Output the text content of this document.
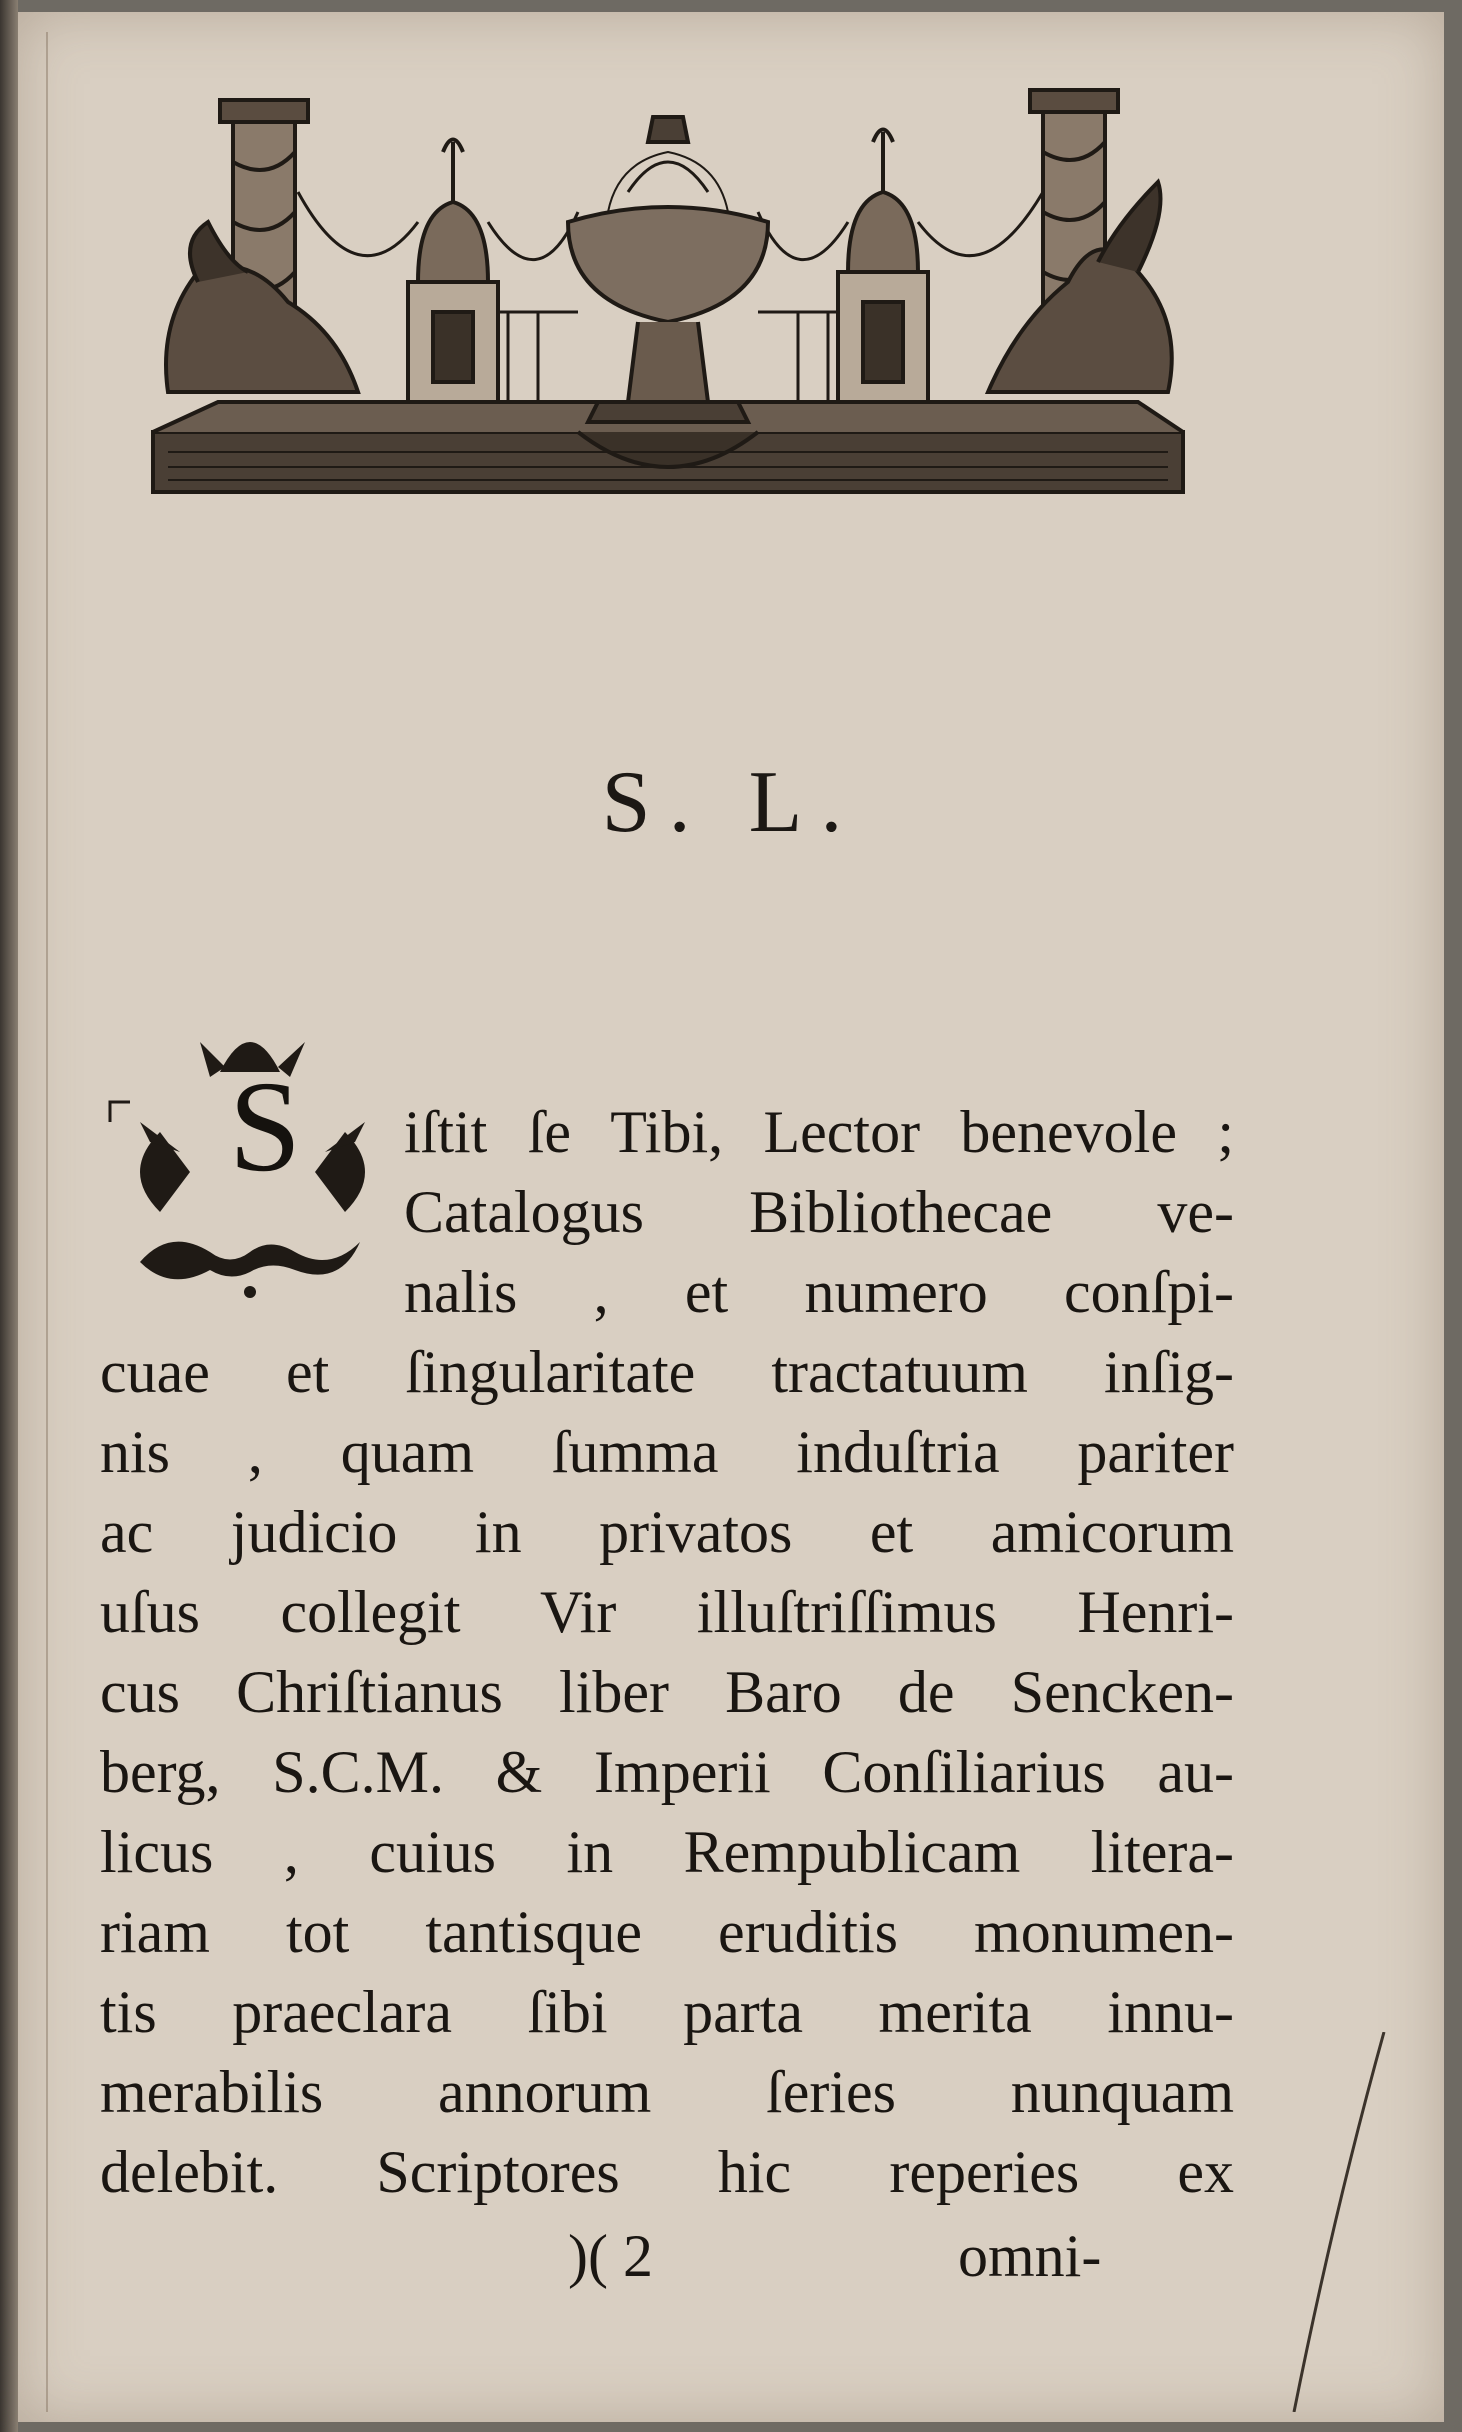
S. L.
S	iſtit ſe Tibi, Lector benevole ;
Catalogus Bibliothecae ve-
nalis , et numero conſpi-
cuae et ſingularitate tractatuum inſig-
nis , quam ſumma induſtria pariter
ac judicio in privatos et amicorum
uſus collegit Vir illuſtriſſimus Henri-
cus Chriſtianus liber Baro de Sencken-
berg, S.C.M. & Imperii Conſiliarius au-
licus , cuius in Rempublicam litera-
riam tot tantisque eruditis monumen-
tis praeclara ſibi parta merita innu-
merabilis annorum ſeries nunquam
delebit. Scriptores hic reperies ex
)( 2	omni-
